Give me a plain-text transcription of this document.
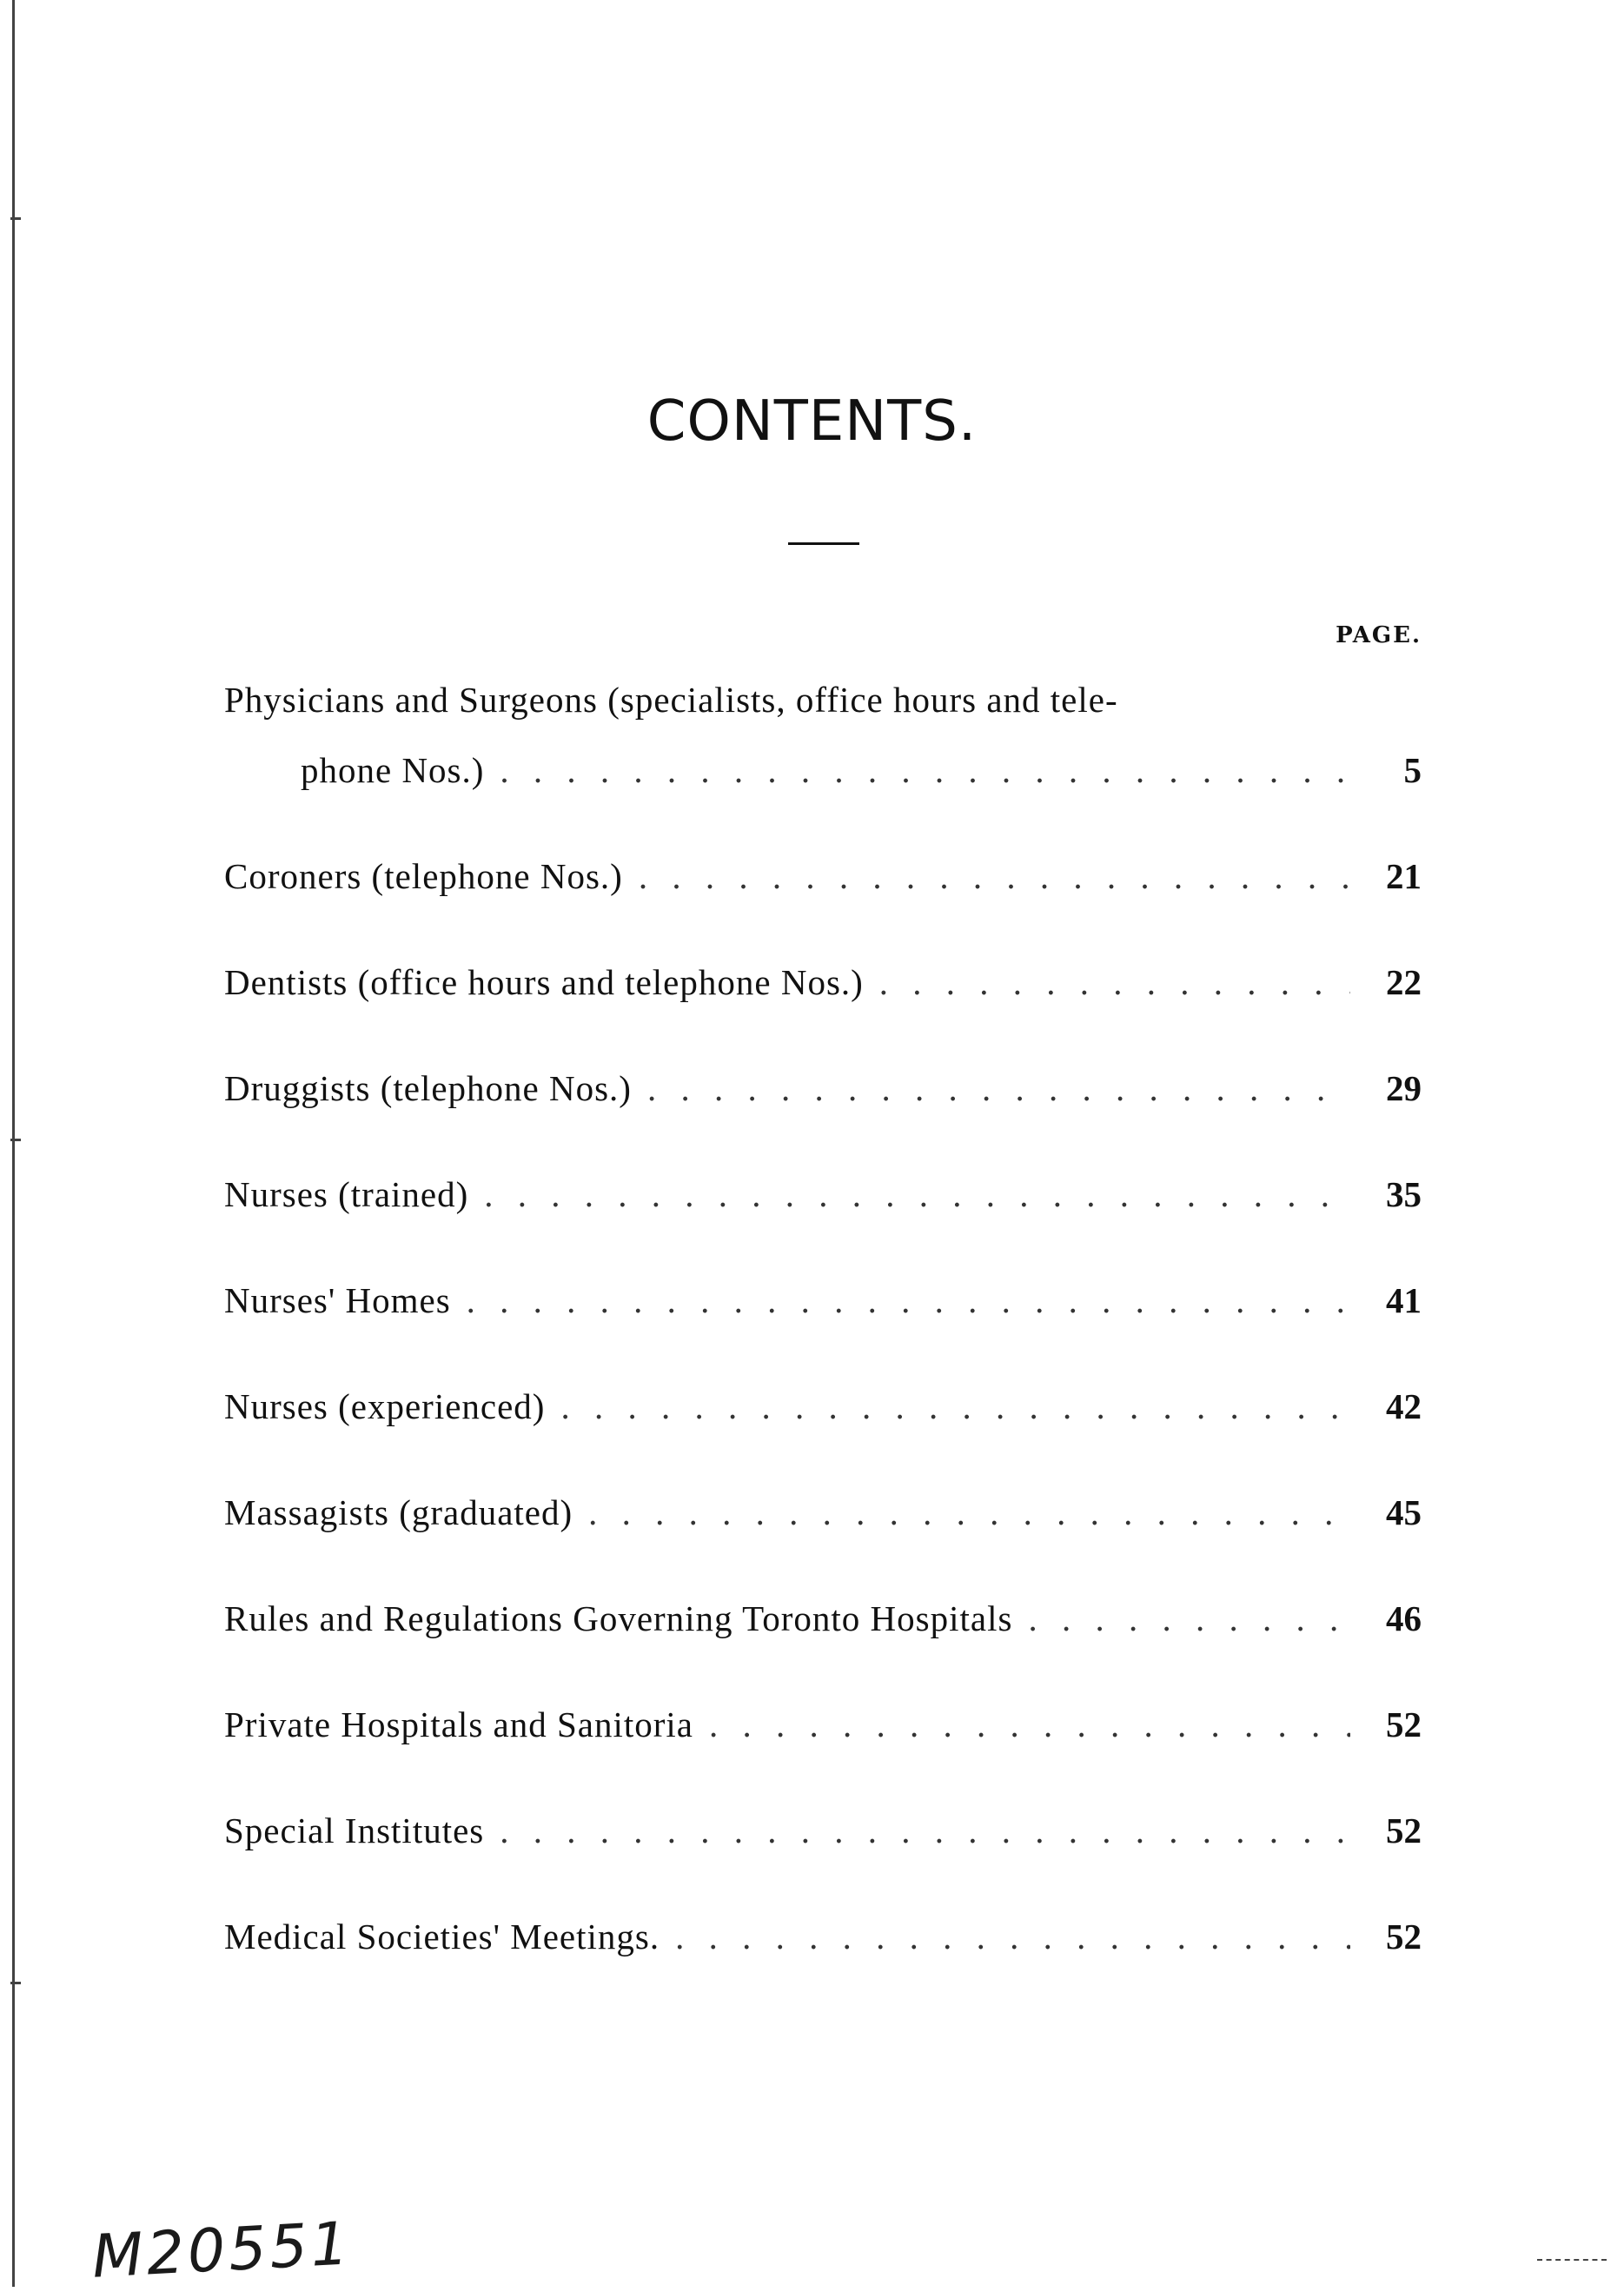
CONTENTS.
PAGE.
Physicians and Surgeons (specialists, office hours and tele-
phone Nos.) . . .	5
Coroners (telephone Nos.) . . .	21
Dentists (office hours and telephone Nos.) . . .	22
Druggists (telephone Nos.) . . .	29
Nurses (trained) . . .	35
Nurses' Homes . . .	41
Nurses (experienced) . . .	42
Massagists (graduated) . . .	45
Rules and Regulations Governing Toronto Hospitals . . .	46
Private Hospitals and Sanitoria . . .	52
Special Institutes . . .	52
Medical Societies' Meetings. . . .	52
M20551
